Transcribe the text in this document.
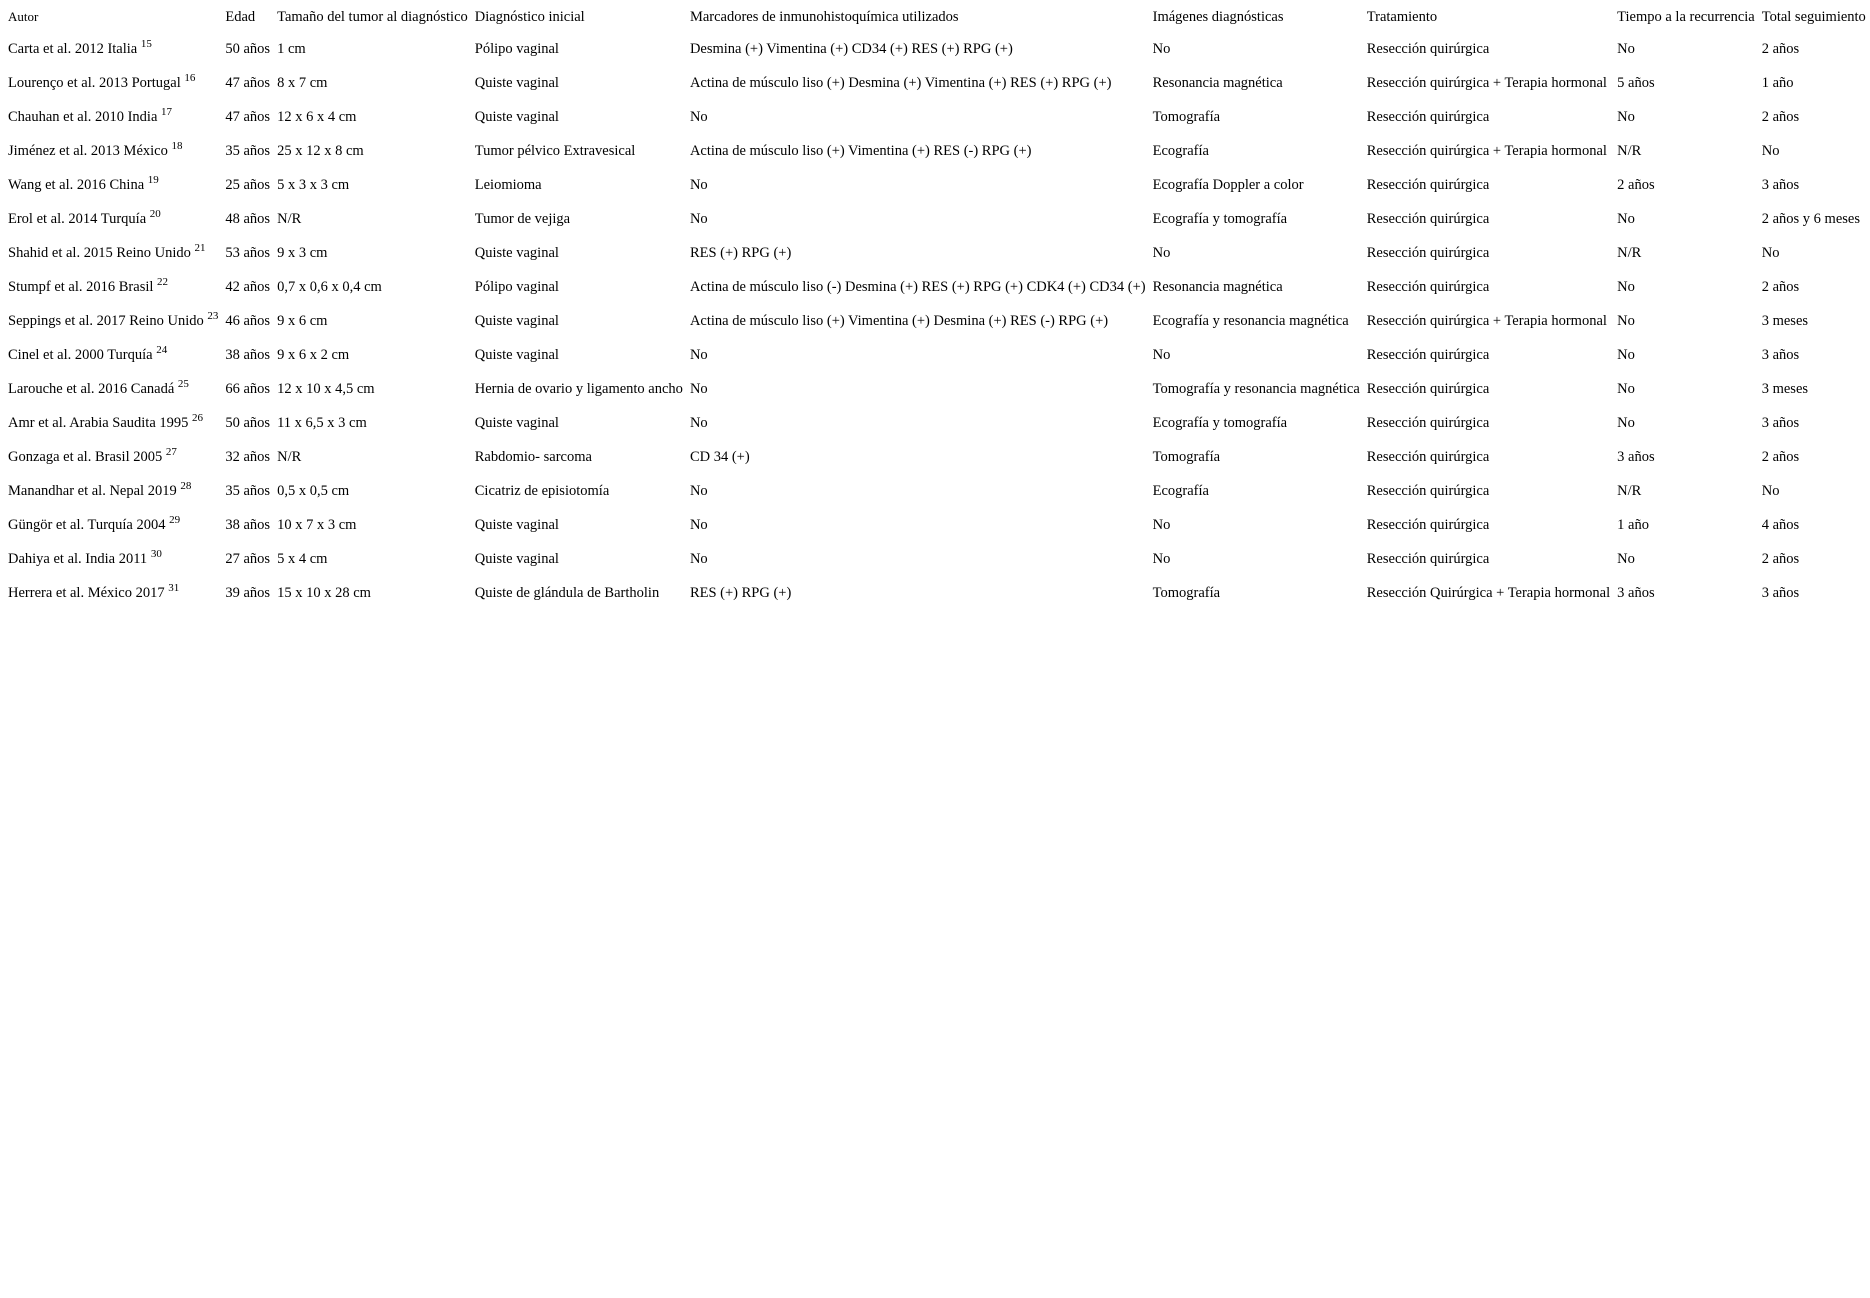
Autor	Edad	Tamaño del tumor al diagnóstico	Diagnóstico inicial	Marcadores de inmunohistoquímica utilizados	Imágenes diagnósticas	Tratamiento	Tiempo a la recurrencia	Total seguimiento
Carta et al. 2012 Italia $^{15}$	50 años	1 cm	Pólipo vaginal	Desmina (+) Vimentina (+) CD34 (+) RES (+) RPG (+)	No	Resección quirúrgica	No	2 años
Lourenço et al. 2013 Portugal $^{16}$	47 años	8 x 7 cm	Quiste vaginal	Actina de músculo liso (+) Desmina (+) Vimentina (+) RES (+) RPG (+)	Resonancia magnética	Resección quirúrgica + Terapia hormonal	5 años	1 año
Chauhan et al. 2010 India $^{17}$	47 años	12 x 6 x 4 cm	Quiste vaginal	No	Tomografía	Resección quirúrgica	No	2 años
Jiménez et al. 2013 México $^{18}$	35 años	25 x 12 x 8 cm	Tumor pélvico Extravesical	Actina de músculo liso (+) Vimentina (+) RES (-) RPG (+)	Ecografía	Resección quirúrgica + Terapia hormonal	N/R	No
Wang et al. 2016 China $^{19}$	25 años	5 x 3 x 3 cm	Leiomioma	No	Ecografía Doppler a color	Resección quirúrgica	2 años	3 años
Erol et al. 2014 Turquía $^{20}$	48 años	N/R	Tumor de vejiga	No	Ecografía y tomografía	Resección quirúrgica	No	2 años y 6 meses
Shahid et al. 2015 Reino Unido $^{21}$	53 años	9 x 3 cm	Quiste vaginal	RES (+) RPG (+)	No	Resección quirúrgica	N/R	No
Stumpf et al. 2016 Brasil $^{22}$	42 años	0,7 x 0,6 x 0,4 cm	Pólipo vaginal	Actina de músculo liso (-) Desmina (+) RES (+) RPG (+) CDK4 (+) CD34 (+)	Resonancia magnética	Resección quirúrgica	No	2 años
Seppings et al. 2017 Reino Unido $^{23}$	46 años	9 x 6 cm	Quiste vaginal	Actina de músculo liso (+) Vimentina (+) Desmina (+) RES (-) RPG (+)	Ecografía y resonancia magnética	Resección quirúrgica + Terapia hormonal	No	3 meses
Cinel et al. 2000 Turquía $^{24}$	38 años	9 x 6 x 2 cm	Quiste vaginal	No	No	Resección quirúrgica	No	3 años
Larouche et al. 2016 Canadá $^{25}$	66 años	12 x 10 x 4,5 cm	Hernia de ovario y ligamento ancho	No	Tomografía y resonancia magnética	Resección quirúrgica	No	3 meses
Amr et al. Arabia Saudita 1995 $^{26}$	50 años	11 x 6,5 x 3 cm	Quiste vaginal	No	Ecografía y tomografía	Resección quirúrgica	No	3 años
Gonzaga et al. Brasil 2005 $^{27}$	32 años	N/R	Rabdomio- sarcoma	CD 34 (+)	Tomografía	Resección quirúrgica	3 años	2 años
Manandhar et al. Nepal 2019 $^{28}$	35 años	0,5 x 0,5 cm	Cicatriz de episiotomía	No	Ecografía	Resección quirúrgica	N/R	No
Güngör et al. Turquía 2004 $^{29}$	38 años	10 x 7 x 3 cm	Quiste vaginal	No	No	Resección quirúrgica	1 año	4 años
Dahiya et al. India 2011 $^{30}$	27 años	5 x 4 cm	Quiste vaginal	No	No	Resección quirúrgica	No	2 años
Herrera et al. México 2017 $^{31}$	39 años	15 x 10 x 28 cm	Quiste de glándula de Bartholin	RES (+) RPG (+)	Tomografía	Resección Quirúrgica + Terapia hormonal	3 años	3 años
